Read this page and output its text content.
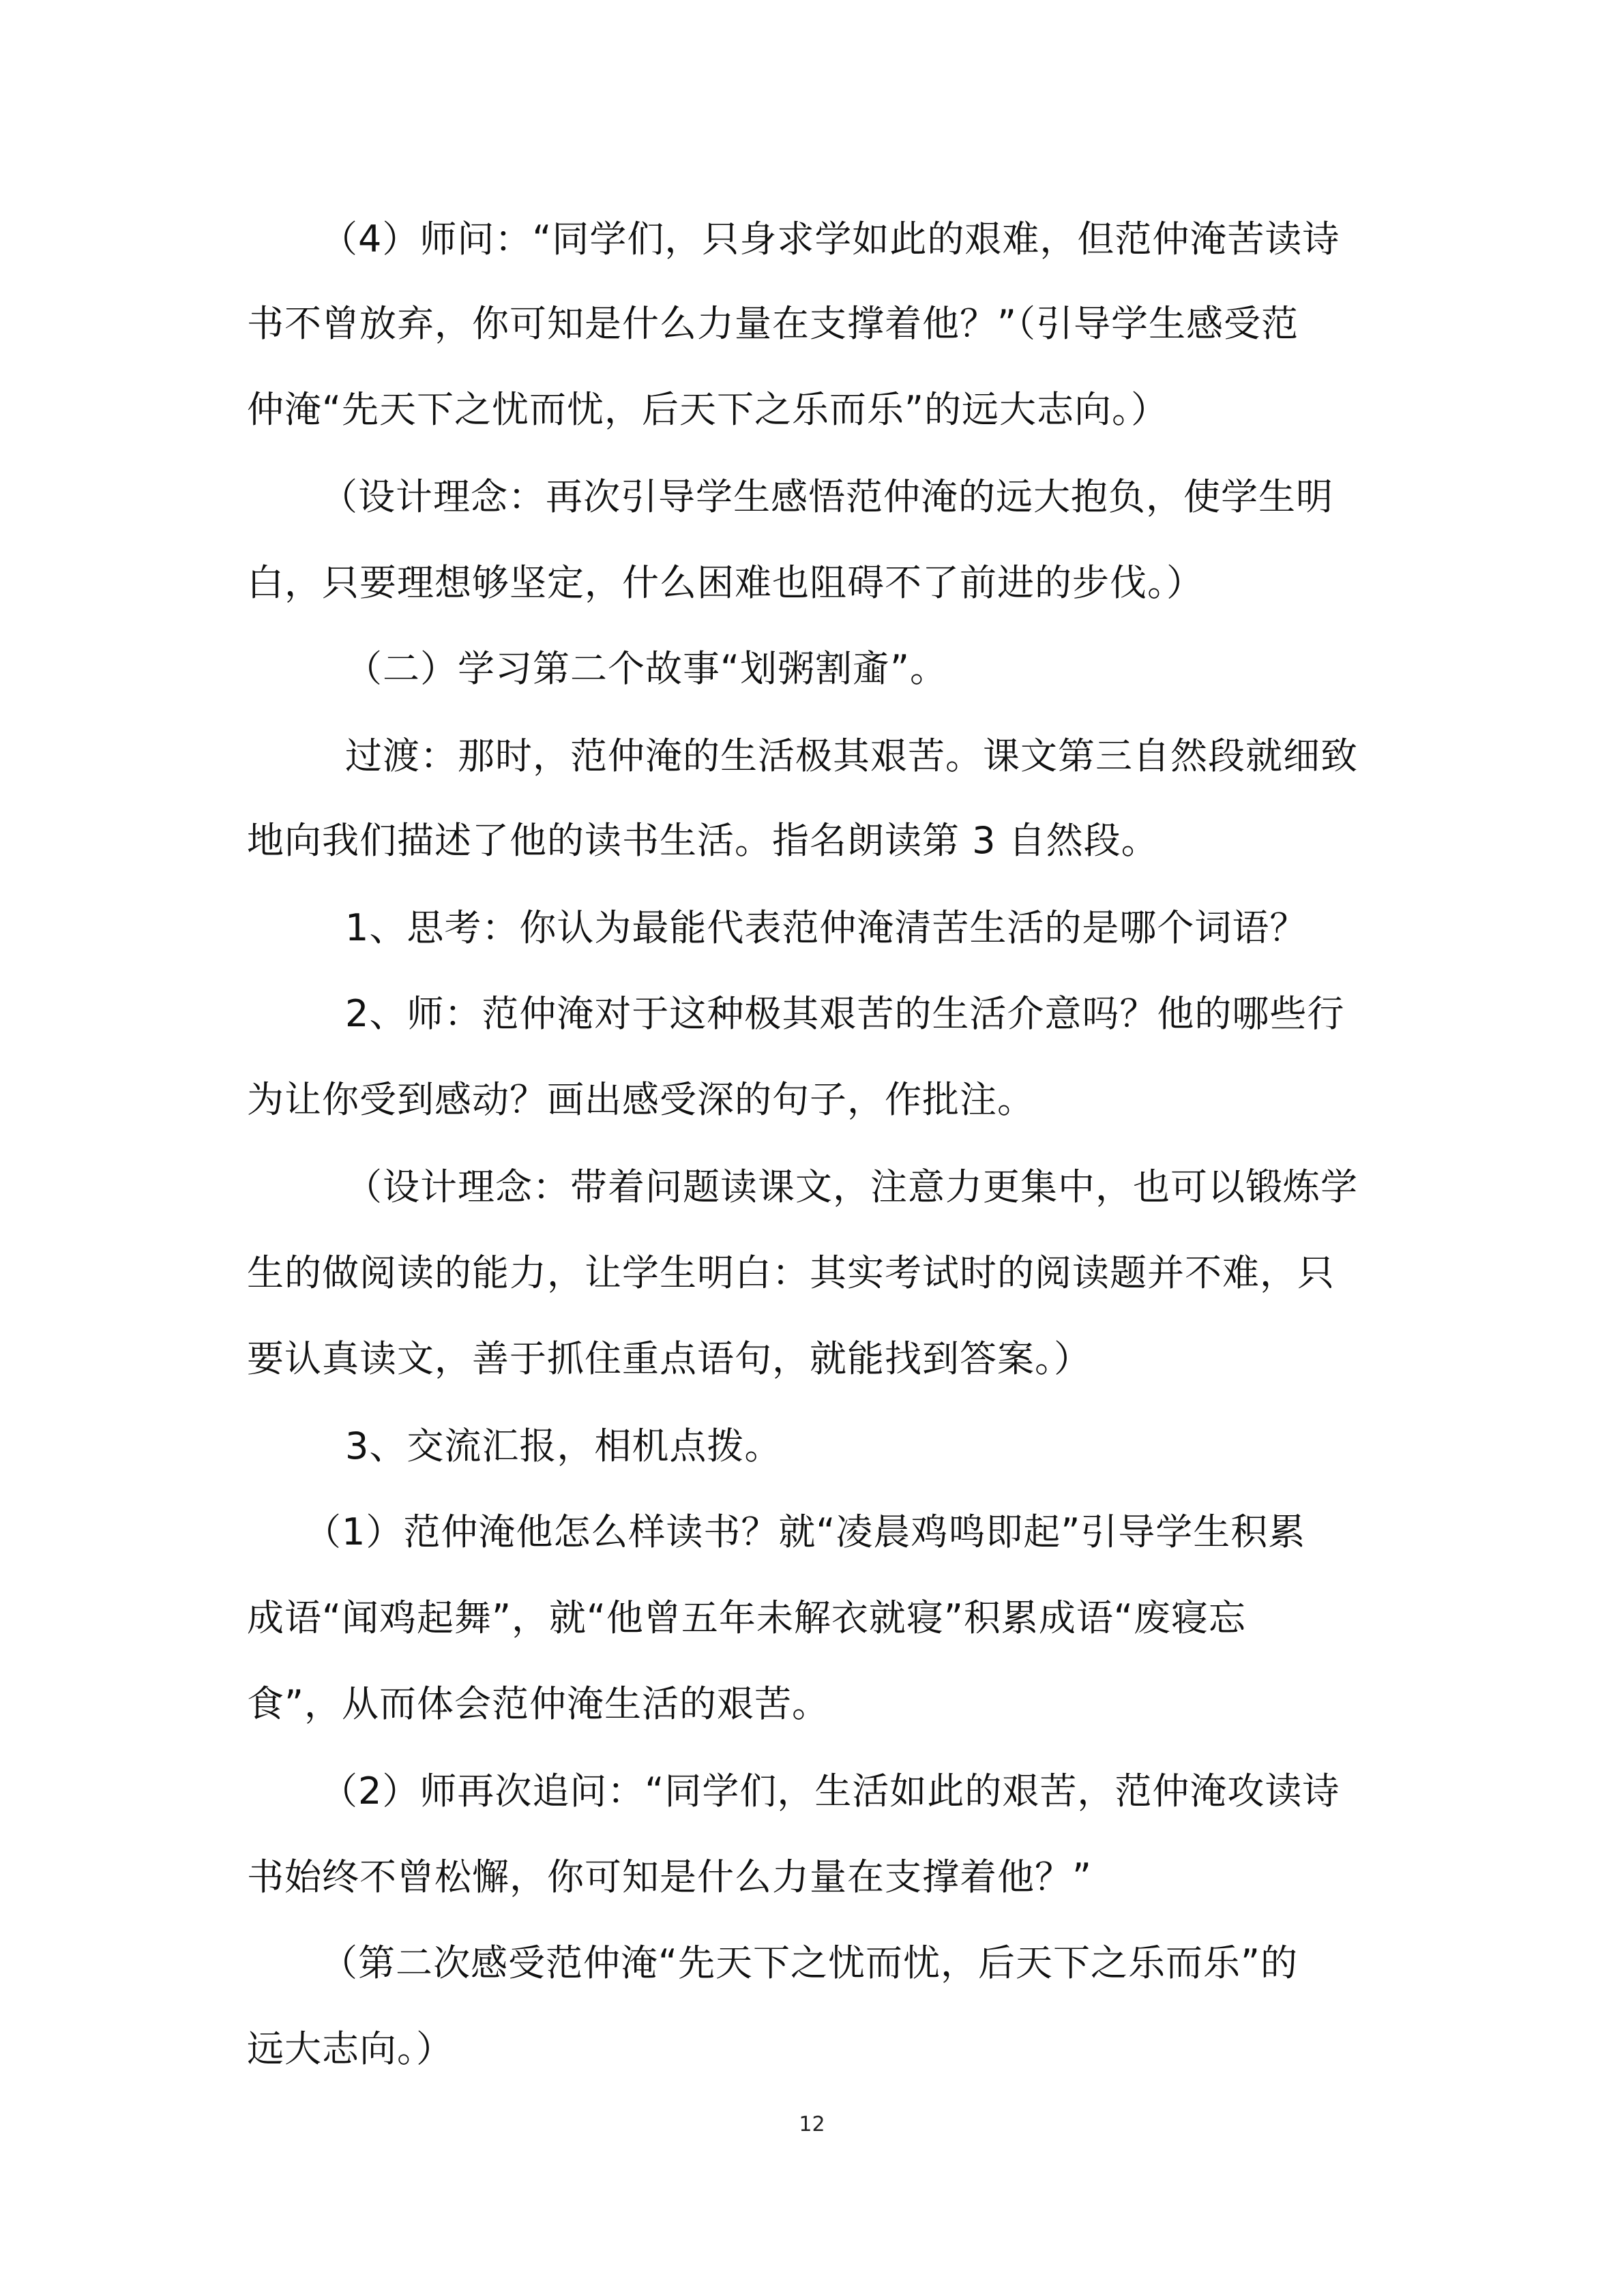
（4）师问：“同学们，只身求学如此的艰难，但范仲淹苦读诗
书不曾放弃，你可知是什么力量在支撑着他？”（引导学生感受范
仲淹“先天下之忧而忧，后天下之乐而乐”的远大志向。）
（设计理念：再次引导学生感悟范仲淹的远大抱负，使学生明
白，只要理想够坚定，什么困难也阻碍不了前进的步伐。）
（二）学习第二个故事“划粥割齑”。
过渡：那时，范仲淹的生活极其艰苦。课文第三自然段就细致
地向我们描述了他的读书生活。指名朗读第 3 自然段。
1、思考：你认为最能代表范仲淹清苦生活的是哪个词语？
2、师：范仲淹对于这种极其艰苦的生活介意吗？他的哪些行
为让你受到感动？画出感受深的句子，作批注。
（设计理念：带着问题读课文，注意力更集中，也可以锻炼学
生的做阅读的能力，让学生明白：其实考试时的阅读题并不难，只
要认真读文，善于抓住重点语句，就能找到答案。）
3、交流汇报，相机点拨。
（1）范仲淹他怎么样读书？就“凌晨鸡鸣即起”引导学生积累
成语“闻鸡起舞”，就“他曾五年未解衣就寝”积累成语“废寝忘
食”，从而体会范仲淹生活的艰苦。
（2）师再次追问：“同学们，生活如此的艰苦，范仲淹攻读诗
书始终不曾松懈，你可知是什么力量在支撑着他？”
（第二次感受范仲淹“先天下之忧而忧，后天下之乐而乐”的
远大志向。）
12
